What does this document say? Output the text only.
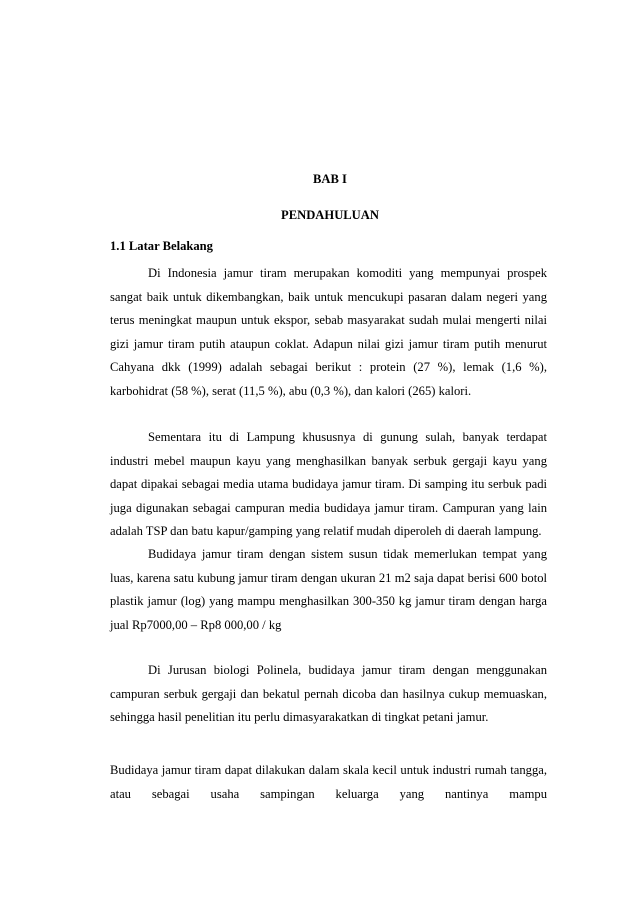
BAB I
PENDAHULUAN
1.1 Latar Belakang

Di Indonesia jamur tiram merupakan komoditi yang mempunyai prospek sangat baik untuk dikembangkan, baik untuk mencukupi pasaran dalam negeri yang terus meningkat maupun untuk ekspor, sebab masyarakat sudah mulai mengerti nilai gizi jamur tiram putih ataupun coklat. Adapun nilai gizi jamur tiram putih menurut Cahyana dkk (1999) adalah sebagai berikut : protein (27 %), lemak (1,6 %), karbohidrat (58 %), serat (11,5 %), abu (0,3 %), dan kalori (265) kalori.

Sementara itu di Lampung khususnya di gunung sulah, banyak terdapat industri mebel maupun kayu yang menghasilkan banyak serbuk gergaji kayu yang dapat dipakai sebagai media utama budidaya jamur tiram. Di samping itu serbuk padi juga digunakan sebagai campuran media budidaya jamur tiram. Campuran yang lain adalah TSP dan batu kapur/gamping yang relatif mudah diperoleh di daerah lampung.

Budidaya jamur tiram dengan sistem susun tidak memerlukan tempat yang luas, karena satu kubung jamur tiram dengan ukuran 21 m2 saja dapat berisi 600 botol plastik jamur (log) yang mampu menghasilkan 300-350 kg jamur tiram dengan harga jual Rp7000,00 – Rp8 000,00 / kg

Di Jurusan biologi Polinela, budidaya jamur tiram dengan menggunakan campuran serbuk gergaji dan bekatul pernah dicoba dan hasilnya cukup memuaskan, sehingga hasil penelitian itu perlu dimasyarakatkan di tingkat petani jamur.

Budidaya jamur tiram dapat dilakukan dalam skala kecil untuk industri rumah tangga, atau sebagai usaha sampingan keluarga yang nantinya mampu
